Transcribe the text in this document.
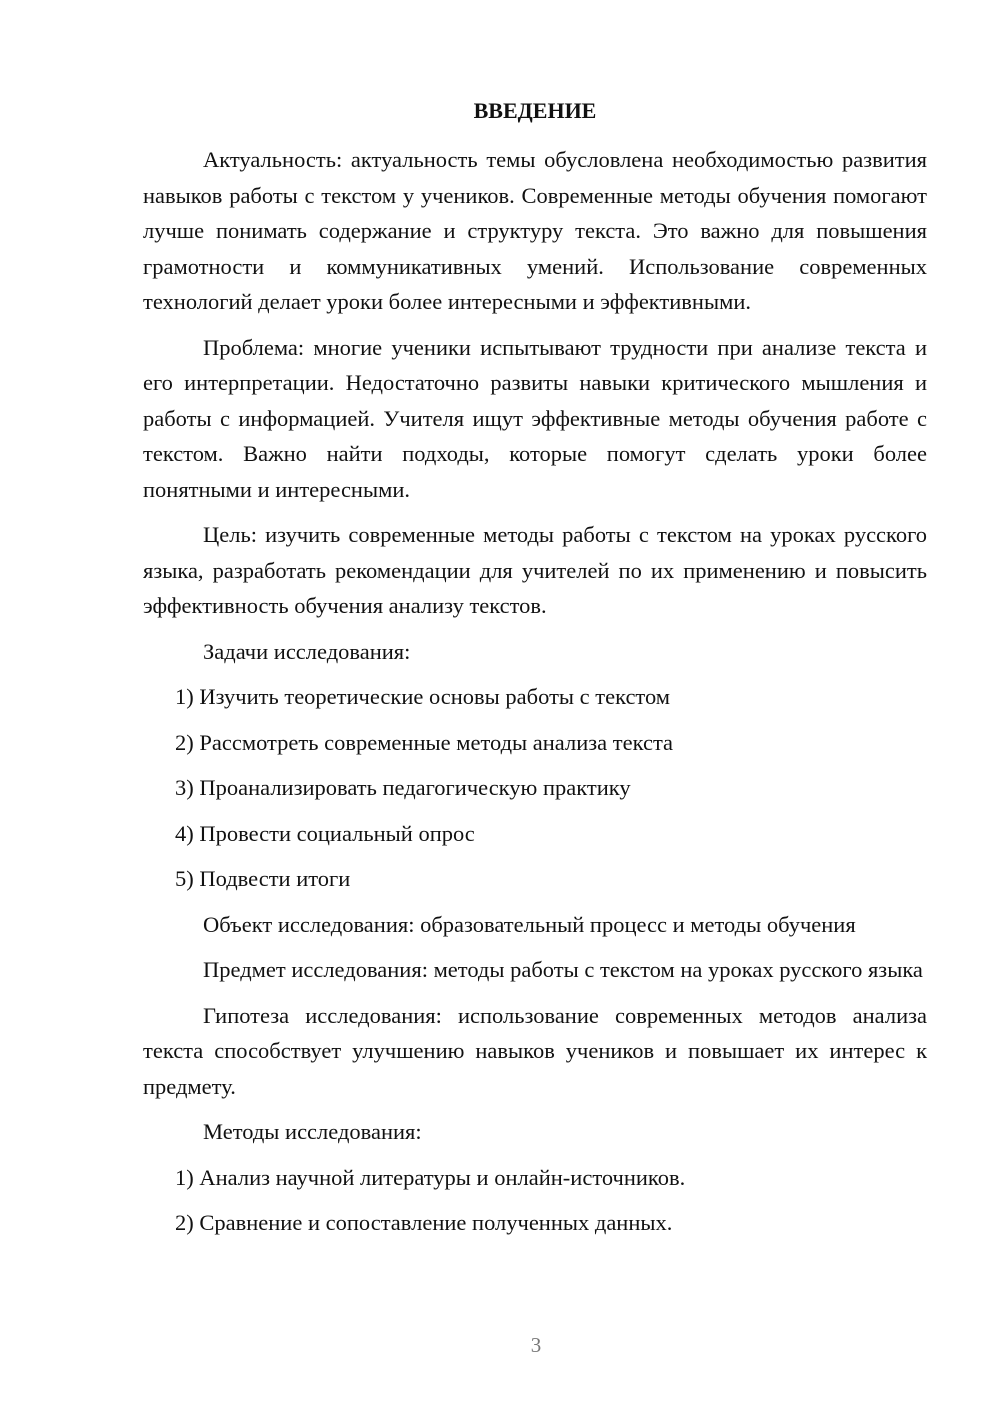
ВВЕДЕНИЕ

Актуальность: актуальность темы обусловлена необходимостью развития навыков работы с текстом у учеников. Современные методы обучения помогают лучше понимать содержание и структуру текста. Это важно для повышения грамотности и коммуникативных умений. Использование современных технологий делает уроки более интересными и эффективными.

Проблема: многие ученики испытывают трудности при анализе текста и его интерпретации. Недостаточно развиты навыки критического мышления и работы с информацией. Учителя ищут эффективные методы обучения работе с текстом. Важно найти подходы, которые помогут сделать уроки более понятными и интересными.

Цель: изучить современные методы работы с текстом на уроках русского языка, разработать рекомендации для учителей по их применению и повысить эффективность обучения анализу текстов.

Задачи исследования:

1) Изучить теоретические основы работы с текстом

2) Рассмотреть современные методы анализа текста

3) Проанализировать педагогическую практику

4) Провести социальный опрос

5) Подвести итоги

Объект исследования: образовательный процесс и методы обучения

Предмет исследования: методы работы с текстом на уроках русского языка

Гипотеза исследования: использование современных методов анализа текста способствует улучшению навыков учеников и повышает их интерес к предмету.

Методы исследования:

1) Анализ научной литературы и онлайн-источников.

2) Сравнение и сопоставление полученных данных.

3
